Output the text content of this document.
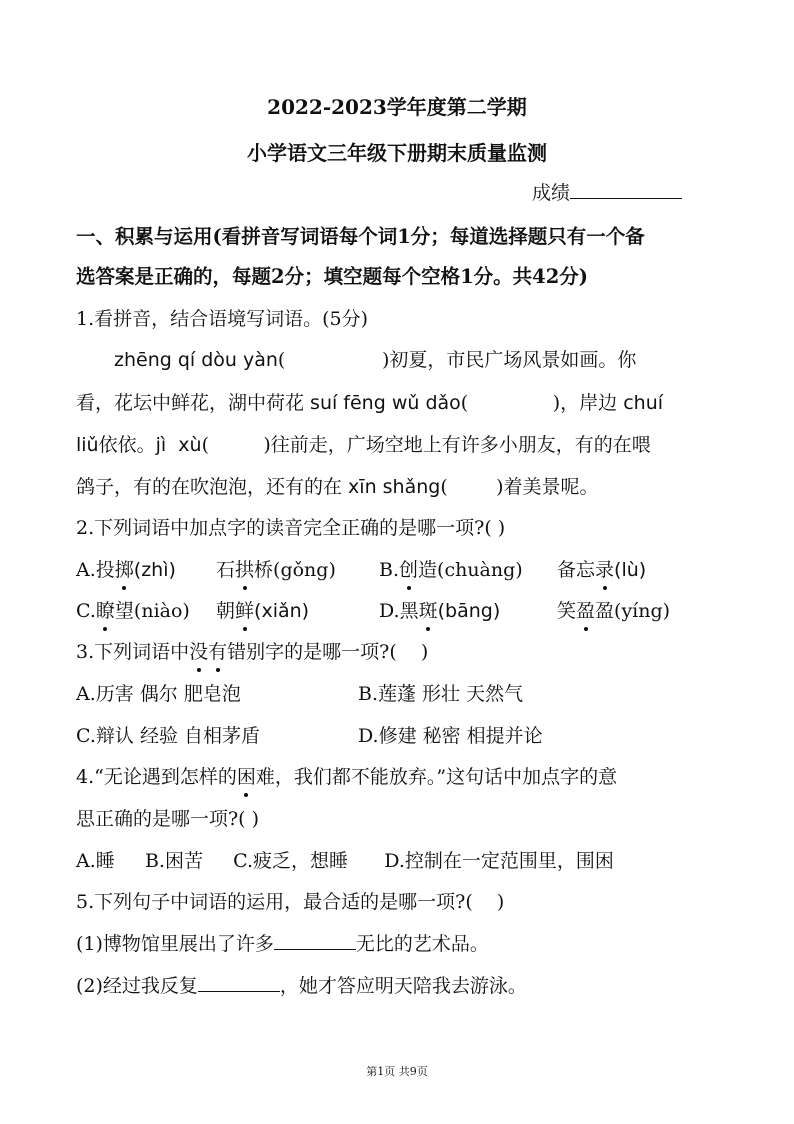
2022-2023学年度第二学期
小学语文三年级下册期末质量监测
成绩
一、积累与运用(看拼音写词语每个词1分；每道选择题只有一个备
选答案是正确的，每题2分；填空题每个空格1分。共42分)
1.看拼音，结合语境写词语。(5分)
zhēng qí dòu yàn(                )初夏，市民广场风景如画。你
看，花坛中鲜花，湖中荷花 suí fēng wǔ dǎo(              )，岸边 chuí
liǔ依依。jì  xù(         )往前走，广场空地上有许多小朋友，有的在喂
鸽子，有的在吹泡泡，还有的在 xīn shǎng(        )着美景呢。
2.下列词语中加点字的读音完全正确的是哪一项?( )
A.投掷(zhì) 石拱桥(gǒng) B.创造(chuàng) 备忘录(lù)
C.瞭望(niào) 朝鲜(xiǎn)	D.黑斑(bāng)	笑盈盈(yíng)
3.下列词语中没有错别字的是哪一项?(    )
A.历害 偶尔 肥皂泡	B.莲蓬 形壮 天然气
C.辩认 经验 自相茅盾	D.修建 秘密 相提并论
4.“无论遇到怎样的困难，我们都不能放弃。”这句话中加点字的意
思正确的是哪一项?( )
A.睡     B.困苦     C.疲乏，想睡      D.控制在一定范围里，围困
5.下列句子中词语的运用，最合适的是哪一项?(    )
(1)博物馆里展出了许多	无比的艺术品。
(2)经过我反复	，她才答应明天陪我去游泳。
第1页 共9页
